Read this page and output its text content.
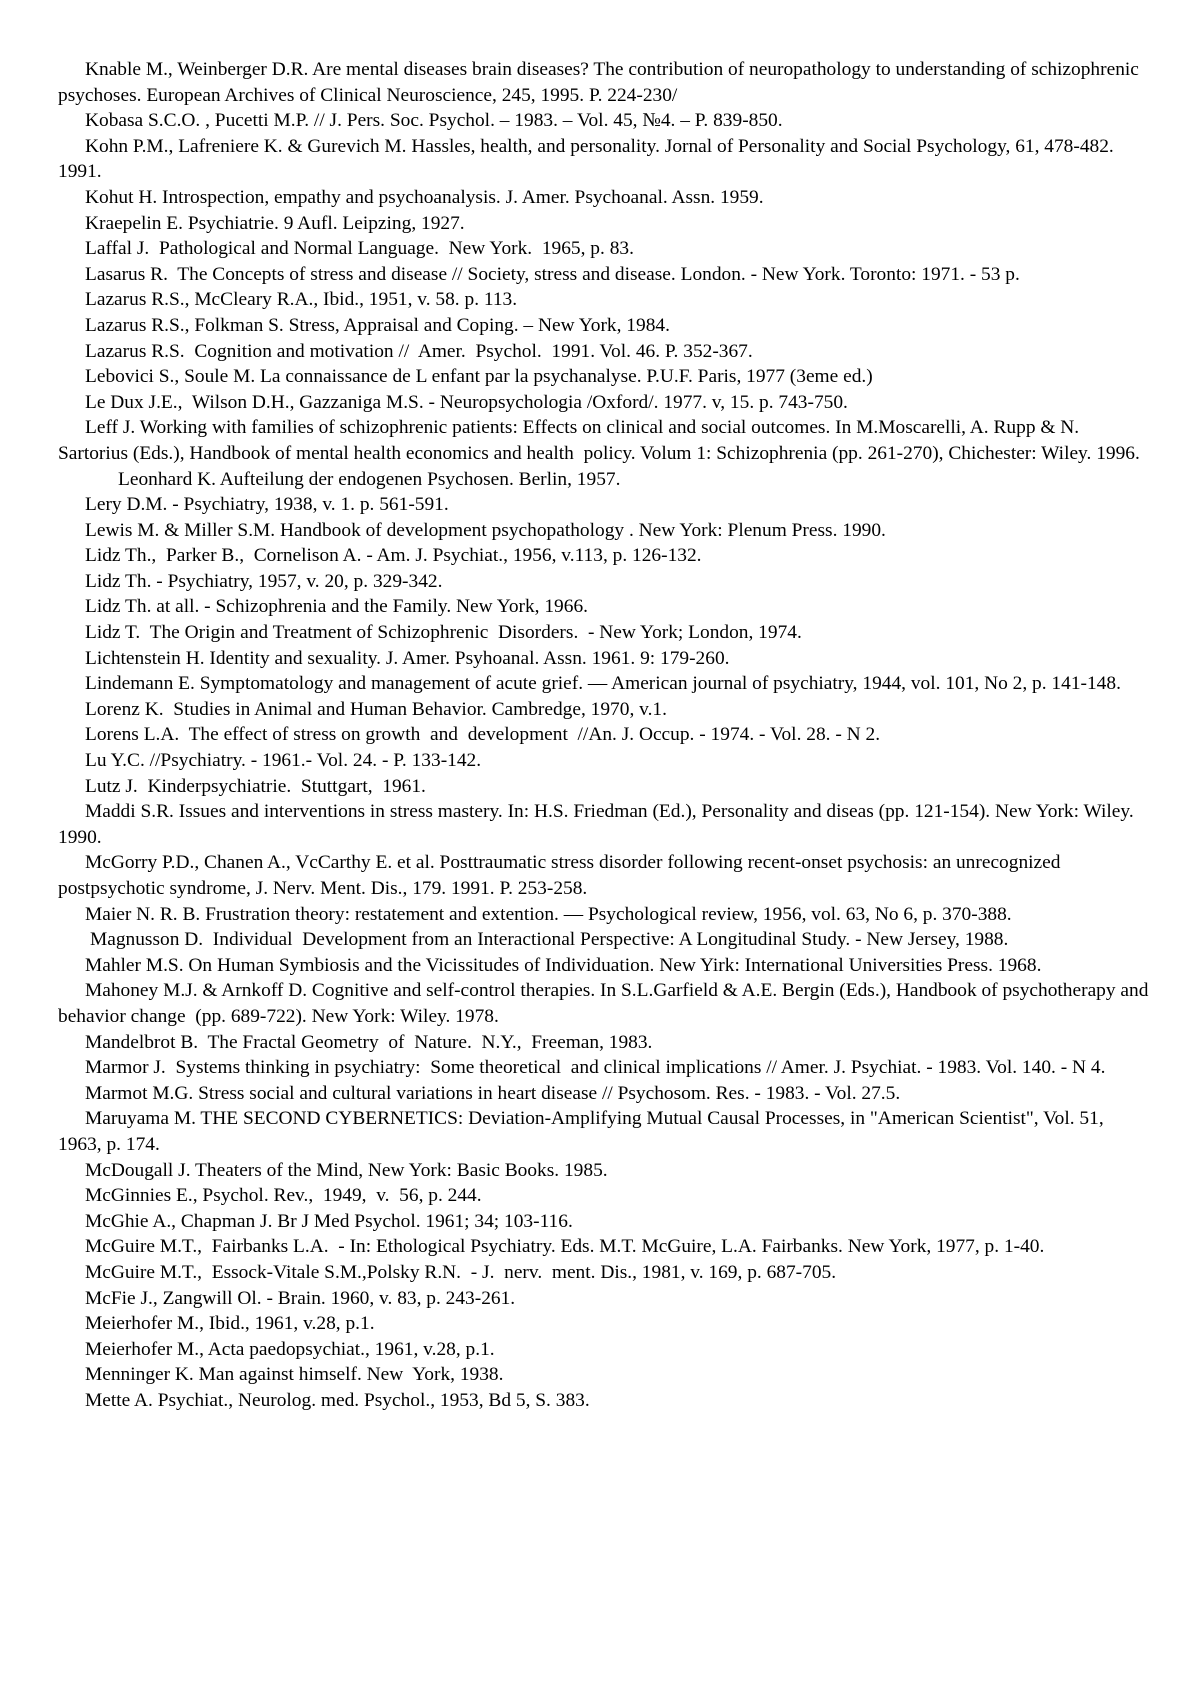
Knable M., Weinberger D.R. Are mental diseases brain diseases? The contribution of neuropathology to understanding of schizophrenic psychoses. European Archives of Clinical Neuroscience, 245, 1995. P. 224-230/

Kobasa S.C.O. , Pucetti M.P. // J. Pers. Soc. Psychol. – 1983. – Vol. 45, №4. – P. 839-850.

Kohn P.M., Lafreniere K. & Gurevich M. Hassles, health, and personality. Jornal of Personality and Social Psychology, 61, 478-482. 1991.

Kohut H. Introspection, empathy and psychoanalysis. J. Amer. Psychoanal. Assn. 1959.

Kraepelin E. Psychiatrie. 9 Aufl. Leipzing, 1927.

Laffal J.  Pathological and Normal Language.  New York.  1965, p. 83.

Lasarus R.  The Concepts of stress and disease // Society, stress and disease. London. - New York. Toronto: 1971. - 53 p.

Lazarus R.S., McCleary R.A., Ibid., 1951, v. 58. p. 113.

Lazarus R.S., Folkman S. Stress, Appraisal and Coping. – New York, 1984.

Lazarus R.S.  Cognition and motivation //  Amer.  Psychol.  1991. Vol. 46. P. 352-367.

Lebovici S., Soule M. La connaissance de L enfant par la psychanalyse. P.U.F. Paris, 1977 (3eme ed.)

Le Dux J.E.,  Wilson D.H., Gazzaniga M.S. - Neuropsychologia /Oxford/. 1977. v, 15. p. 743-750.

Leff J. Working with families of schizophrenic patients: Effects on clinical and social outcomes. In M.Moscarelli, A. Rupp & N. Sartorius (Eds.), Handbook of mental health economics and health  policy. Volum 1: Schizophrenia (pp. 261-270), Chichester: Wiley. 1996.

Leonhard K. Aufteilung der endogenen Psychosen. Berlin, 1957.

Lery D.M. - Psychiatry, 1938, v. 1. p. 561-591.

Lewis M. & Miller S.M. Handbook of development psychopathology . New York: Plenum Press. 1990.

Lidz Th.,  Parker B.,  Cornelison A. - Am. J. Psychiat., 1956, v.113, p. 126-132.

Lidz Th. - Psychiatry, 1957, v. 20, p. 329-342.

Lidz Th. at all. - Schizophrenia and the Family. New York, 1966.

Lidz T.  The Origin and Treatment of Schizophrenic  Disorders.  - New York; London, 1974.

Lichtenstein H. Identity and sexuality. J. Amer. Psyhoanal. Assn. 1961. 9: 179-260.

Lindemann E. Symptomatology and management of acute grief. — American journal of psychiatry, 1944, vol. 101, No 2, p. 141-148.

Lorenz K.  Studies in Animal and Human Behavior. Cambredge, 1970, v.1.

Lorens L.A.  The effect of stress on growth  and  development  //An. J. Occup. - 1974. - Vol. 28. - N 2.

Lu Y.C. //Psychiatry. - 1961.- Vol. 24. - P. 133-142.

Lutz J.  Kinderpsychiatrie.  Stuttgart,  1961.

Maddi S.R. Issues and interventions in stress mastery. In: H.S. Friedman (Ed.), Personality and diseas (pp. 121-154). New York: Wiley. 1990.

McGorry P.D., Chanen A., VcCarthy E. et al. Posttraumatic stress disorder following recent-onset psychosis: an unrecognized postpsychotic syndrome, J. Nerv. Ment. Dis., 179. 1991. P. 253-258.

Maier N. R. B. Frustration theory: restatement and extention. — Psychological review, 1956, vol. 63, No 6, p. 370-388.

Magnusson D.  Individual  Development from an Interactional Perspective: A Longitudinal Study. - New Jersey, 1988.

Mahler M.S. On Human Symbiosis and the Vicissitudes of Individuation. New Yirk: International Universities Press. 1968.

Mahoney M.J. & Arnkoff D. Cognitive and self-control therapies. In S.L.Garfield & A.E. Bergin (Eds.), Handbook of psychotherapy and behavior change  (pp. 689-722). New York: Wiley. 1978.

Mandelbrot B.  The Fractal Geometry  of  Nature.  N.Y.,  Freeman, 1983.

Marmor J.  Systems thinking in psychiatry:  Some theoretical  and clinical implications // Amer. J. Psychiat. - 1983. Vol. 140. - N 4.

Marmot M.G. Stress social and cultural variations in heart disease // Psychosom. Res. - 1983. - Vol. 27.5.

Maruyama M. THE SECOND CYBERNETICS: Deviation-Amplifying Mutual Causal Processes, in "American Scientist", Vol. 51, 1963, p. 174.

McDougall J. Theaters of the Mind, New York: Basic Books. 1985.

McGinnies E., Psychol. Rev.,  1949,  v.  56, p. 244.

McGhie A., Chapman J. Br J Med Psychol. 1961; 34; 103-116.

McGuire M.T.,  Fairbanks L.A.  - In: Ethological Psychiatry. Eds. M.T. McGuire, L.A. Fairbanks. New York, 1977, p. 1-40.

McGuire M.T.,  Essock-Vitale S.M.,Polsky R.N.  - J.  nerv.  ment. Dis., 1981, v. 169, p. 687-705.

McFie J., Zangwill Ol. - Brain. 1960, v. 83, p. 243-261.

Meierhofer M., Ibid., 1961, v.28, p.1.

Meierhofer M., Acta paedopsychiat., 1961, v.28, p.1.

Menninger K. Man against himself. New  York, 1938.

Mette A. Psychiat., Neurolog. med. Psychol., 1953, Bd 5, S. 383.
